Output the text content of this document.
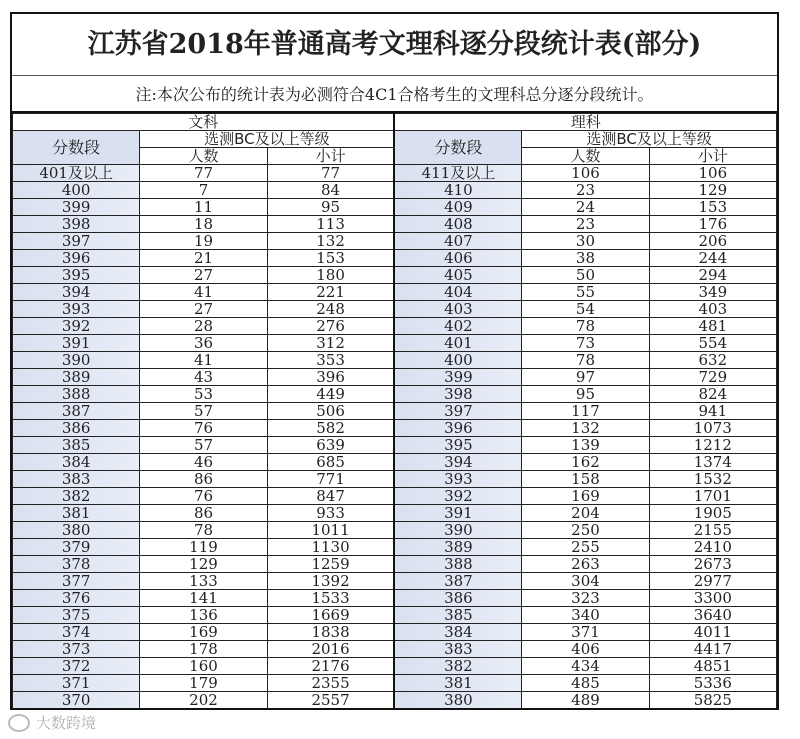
江苏省2018年普通高考文理科逐分段统计表(部分)
注:本次公布的统计表为必测符合4C1合格考生的文理科总分逐分段统计。
文科			理科		
分数段	选测BC及以上等级		分数段	选测BC及以上等级	
	人数	小计		人数	小计
401及以上	77	77	411及以上	106	106
400	7	84	410	23	129
399	11	95	409	24	153
398	18	113	408	23	176
397	19	132	407	30	206
396	21	153	406	38	244
395	27	180	405	50	294
394	41	221	404	55	349
393	27	248	403	54	403
392	28	276	402	78	481
391	36	312	401	73	554
390	41	353	400	78	632
389	43	396	399	97	729
388	53	449	398	95	824
387	57	506	397	117	941
386	76	582	396	132	1073
385	57	639	395	139	1212
384	46	685	394	162	1374
383	86	771	393	158	1532
382	76	847	392	169	1701
381	86	933	391	204	1905
380	78	1011	390	250	2155
379	119	1130	389	255	2410
378	129	1259	388	263	2673
377	133	1392	387	304	2977
376	141	1533	386	323	3300
375	136	1669	385	340	3640
374	169	1838	384	371	4011
373	178	2016	383	406	4417
372	160	2176	382	434	4851
371	179	2355	381	485	5336
370	202	2557	380	489	5825
大数跨境
